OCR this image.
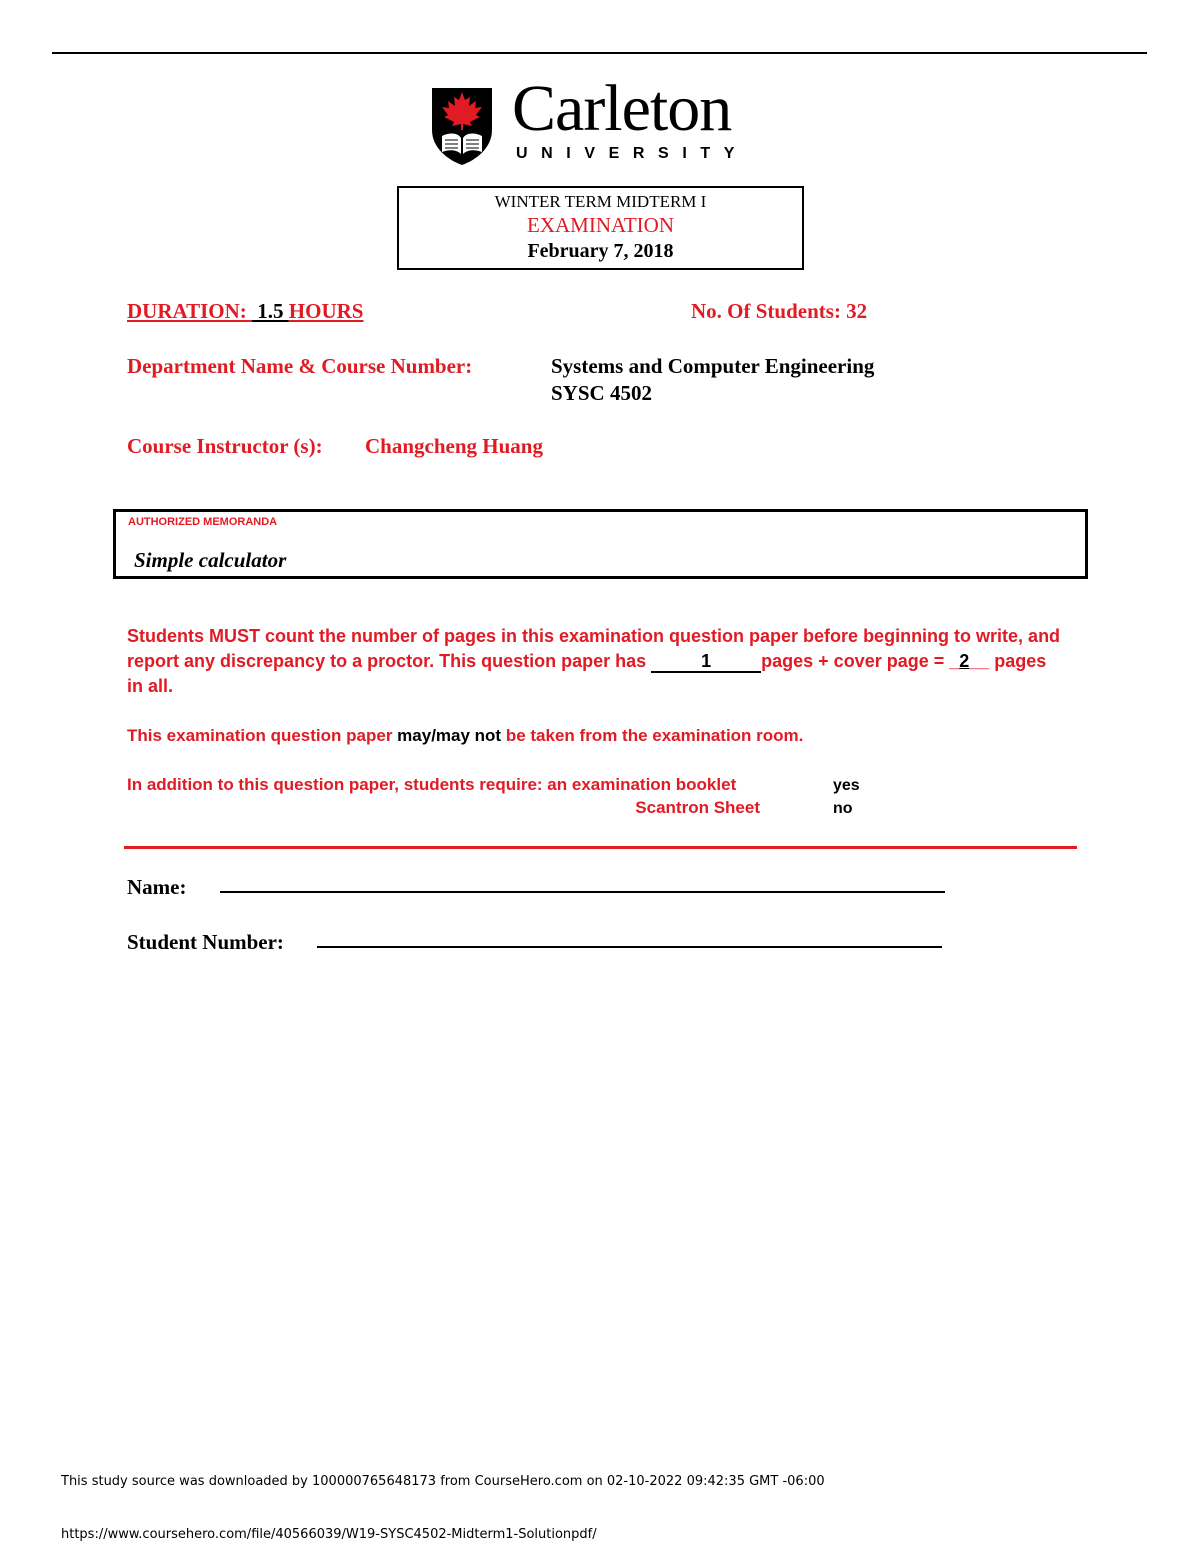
Carleton
UNIVERSITY
WINTER TERM MIDTERM I
EXAMINATION
February 7, 2018
DURATION:  1.5 HOURS	No. Of Students: 32
Department Name & Course Number:	Systems and Computer Engineering
SYSC 4502
Course Instructor (s): Changcheng Huang
AUTHORIZED MEMORANDA
Simple calculator
Students MUST count the number of pages in this examination question paper before beginning to write, and report any discrepancy to a proctor. This question paper has	1	pages + cover page = _2__ pages in all.
This examination question paper may/may not be taken from the examination room.
In addition to this question paper, students require: an examination booklet	yes
Scantron Sheet	no
Name:
Student Number:
This study source was downloaded by 100000765648173 from CourseHero.com on 02-10-2022 09:42:35 GMT -06:00
https://www.coursehero.com/file/40566039/W19-SYSC4502-Midterm1-Solutionpdf/
